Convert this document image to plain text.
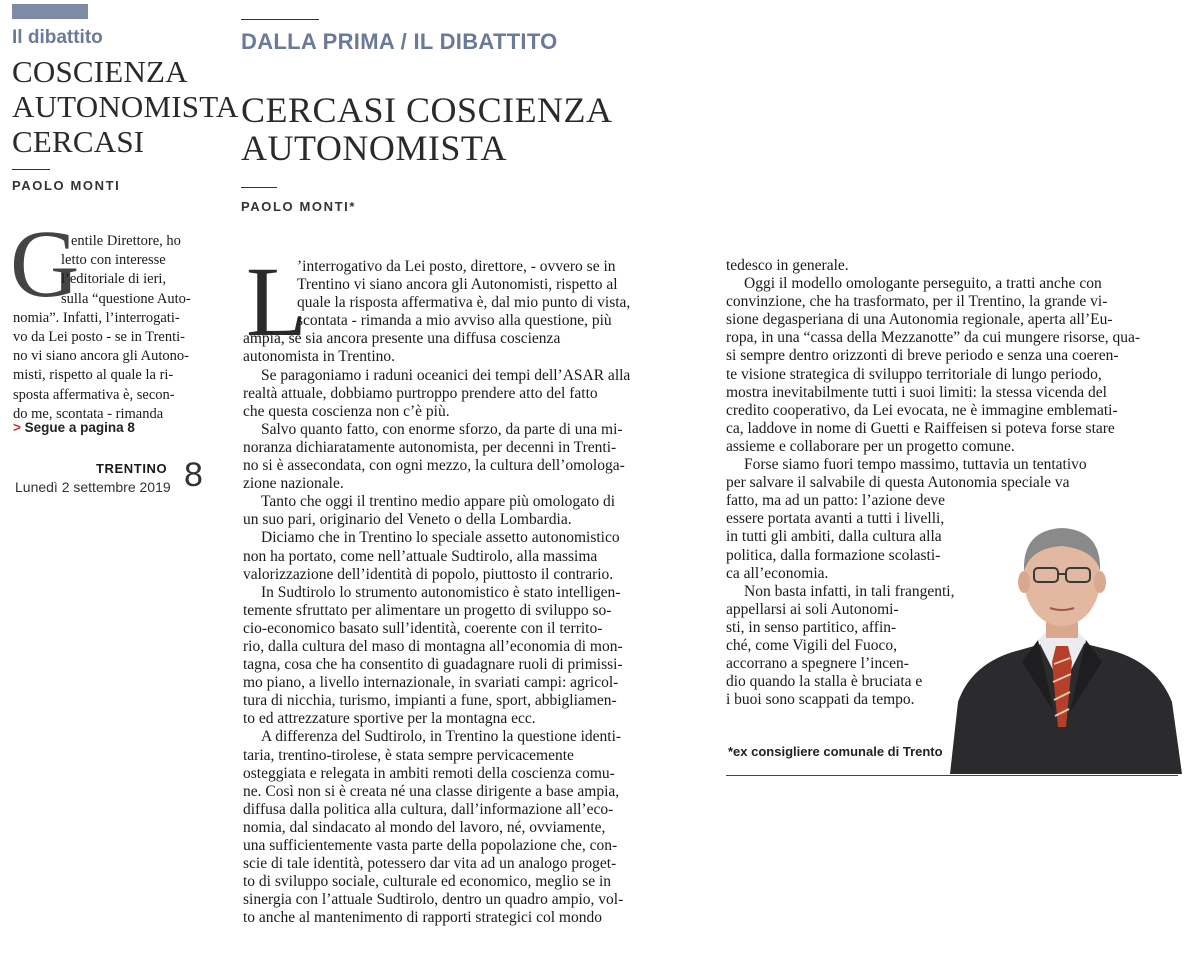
Il dibattito
COSCIENZA AUTONOMISTA CERCASI
PAOLO MONTI
G
entile Direttore, ho
letto con interesse
l’editoriale di ieri,
sulla “questione Auto-
nomia”. Infatti, l’interrogati-
vo da Lei posto - se in Trenti-
no vi siano ancora gli Autono-
misti, rispetto al quale la ri-
sposta affermativa è, secon-
do me, scontata - rimanda
> Segue a pagina 8
TRENTINO
Lunedì 2 settembre 2019 8
DALLA PRIMA / IL DIBATTITO
CERCASI COSCIENZA AUTONOMISTA
PAOLO MONTI*
L
’interrogativo da Lei posto, direttore, - ovvero se in
Trentino vi siano ancora gli Autonomisti, rispetto al
quale la risposta affermativa è, dal mio punto di vista,
scontata - rimanda a mio avviso alla questione, più
ampia, se sia ancora presente una diffusa coscienza
autonomista in Trentino.
Se paragoniamo i raduni oceanici dei tempi dell’ASAR alla
realtà attuale, dobbiamo purtroppo prendere atto del fatto
che questa coscienza non c’è più.
Salvo quanto fatto, con enorme sforzo, da parte di una mi-
noranza dichiaratamente autonomista, per decenni in Trenti-
no si è assecondata, con ogni mezzo, la cultura dell’omologa-
zione nazionale.
Tanto che oggi il trentino medio appare più omologato di
un suo pari, originario del Veneto o della Lombardia.
Diciamo che in Trentino lo speciale assetto autonomistico
non ha portato, come nell’attuale Sudtirolo, alla massima
valorizzazione dell’identità di popolo, piuttosto il contrario.
In Sudtirolo lo strumento autonomistico è stato intelligen-
temente sfruttato per alimentare un progetto di sviluppo so-
cio-economico basato sull’identità, coerente con il territo-
rio, dalla cultura del maso di montagna all’economia di mon-
tagna, cosa che ha consentito di guadagnare ruoli di primissi-
mo piano, a livello internazionale, in svariati campi: agricol-
tura di nicchia, turismo, impianti a fune, sport, abbigliamen-
to ed attrezzature sportive per la montagna ecc.
A differenza del Sudtirolo, in Trentino la questione identi-
taria, trentino-tirolese, è stata sempre pervicacemente
osteggiata e relegata in ambiti remoti della coscienza comu-
ne. Così non si è creata né una classe dirigente a base ampia,
diffusa dalla politica alla cultura, dall’informazione all’eco-
nomia, dal sindacato al mondo del lavoro, né, ovviamente,
una sufficientemente vasta parte della popolazione che, con-
scie di tale identità, potessero dar vita ad un analogo proget-
to di sviluppo sociale, culturale ed economico, meglio se in
sinergia con l’attuale Sudtirolo, dentro un quadro ampio, vol-
to anche al mantenimento di rapporti strategici col mondo
tedesco in generale.
Oggi il modello omologante perseguito, a tratti anche con
convinzione, che ha trasformato, per il Trentino, la grande vi-
sione degasperiana di una Autonomia regionale, aperta all’Eu-
ropa, in una “cassa della Mezzanotte” da cui mungere risorse, qua-
si sempre dentro orizzonti di breve periodo e senza una coeren-
te visione strategica di sviluppo territoriale di lungo periodo,
mostra inevitabilmente tutti i suoi limiti: la stessa vicenda del
credito cooperativo, da Lei evocata, ne è immagine emblemati-
ca, laddove in nome di Guetti e Raiffeisen si poteva forse stare
assieme e collaborare per un progetto comune.
Forse siamo fuori tempo massimo, tuttavia un tentativo
per salvare il salvabile di questa Autonomia speciale va
fatto, ma ad un patto: l’azione deve
essere portata avanti a tutti i livelli,
in tutti gli ambiti, dalla cultura alla
politica, dalla formazione scolasti-
ca all’economia.
Non basta infatti, in tali frangenti,
appellarsi ai soli Autonomi-
sti, in senso partitico, affin-
ché, come Vigili del Fuoco,
accorrano a spegnere l’incen-
dio quando la stalla è bruciata e
i buoi sono scappati da tempo.
*ex consigliere comunale di Trento
